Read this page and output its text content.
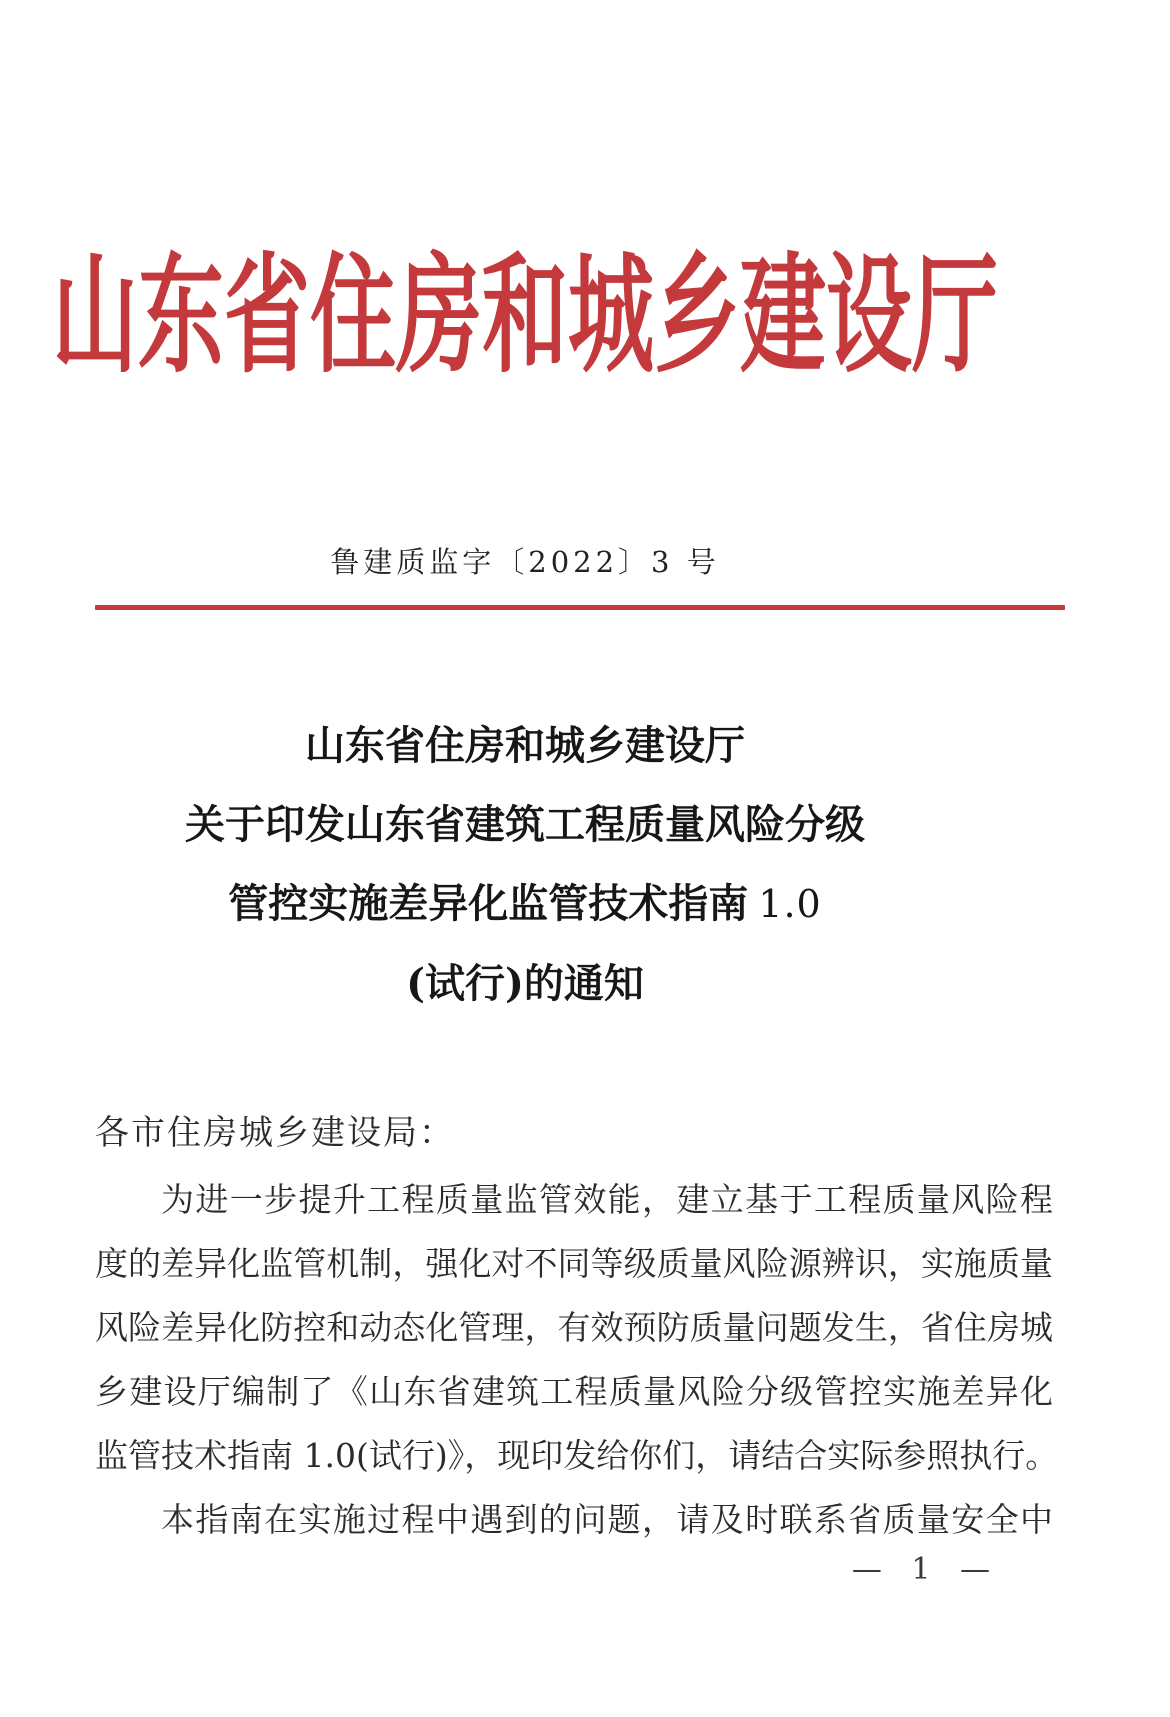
山东省住房和城乡建设厅
鲁建质监字〔2022〕3 号
山东省住房和城乡建设厅
关于印发山东省建筑工程质量风险分级
管控实施差异化监管技术指南 1.0
(试行)的通知
各市住房城乡建设局：
为进一步提升工程质量监管效能，建立基于工程质量风险程
度的差异化监管机制，强化对不同等级质量风险源辨识，实施质量
风险差异化防控和动态化管理，有效预防质量问题发生，省住房城
乡建设厅编制了《山东省建筑工程质量风险分级管控实施差异化
监管技术指南 1.0(试行)》，现印发给你们，请结合实际参照执行。
本指南在实施过程中遇到的问题，请及时联系省质量安全中
— 1 —
